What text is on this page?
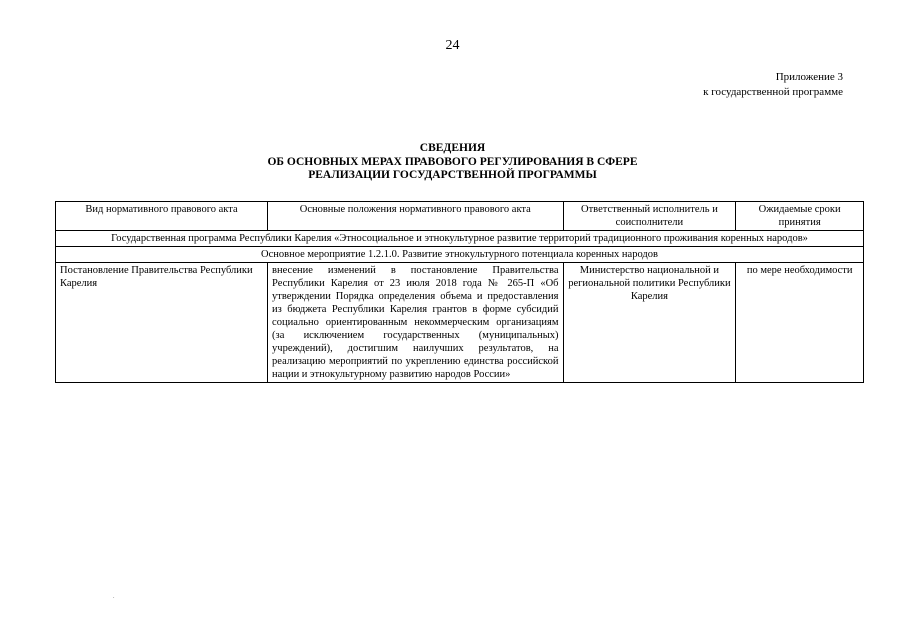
24
Приложение 3
к государственной программе
СВЕДЕНИЯ
ОБ ОСНОВНЫХ МЕРАХ ПРАВОВОГО РЕГУЛИРОВАНИЯ В СФЕРЕ
РЕАЛИЗАЦИИ ГОСУДАРСТВЕННОЙ ПРОГРАММЫ
Вид нормативного правового акта	Основные положения нормативного правового акта	Ответственный исполнитель и соисполнители	Ожидаемые сроки принятия
Государственная программа Республики Карелия «Этносоциальное и этнокультурное развитие территорий традиционного проживания коренных народов»			
Основное мероприятие 1.2.1.0. Развитие этнокультурного потенциала коренных народов			
Постановление Правительства Республики Карелия	внесение изменений в постановление Правительства Республики Карелия от 23 июля 2018 года № 265-П «Об утверждении Порядка определения объема и предоставления из бюджета Республики Карелия грантов в форме субсидий социально ориентированным некоммерческим организациям (за исключением государственных (муниципальных) учреждений), достигшим наилучших результатов, на реализацию мероприятий по укреплению единства российской нации и этнокультурному развитию народов России»	Министерство национальной и региональной политики Республики Карелия	по мере необходимости
.
